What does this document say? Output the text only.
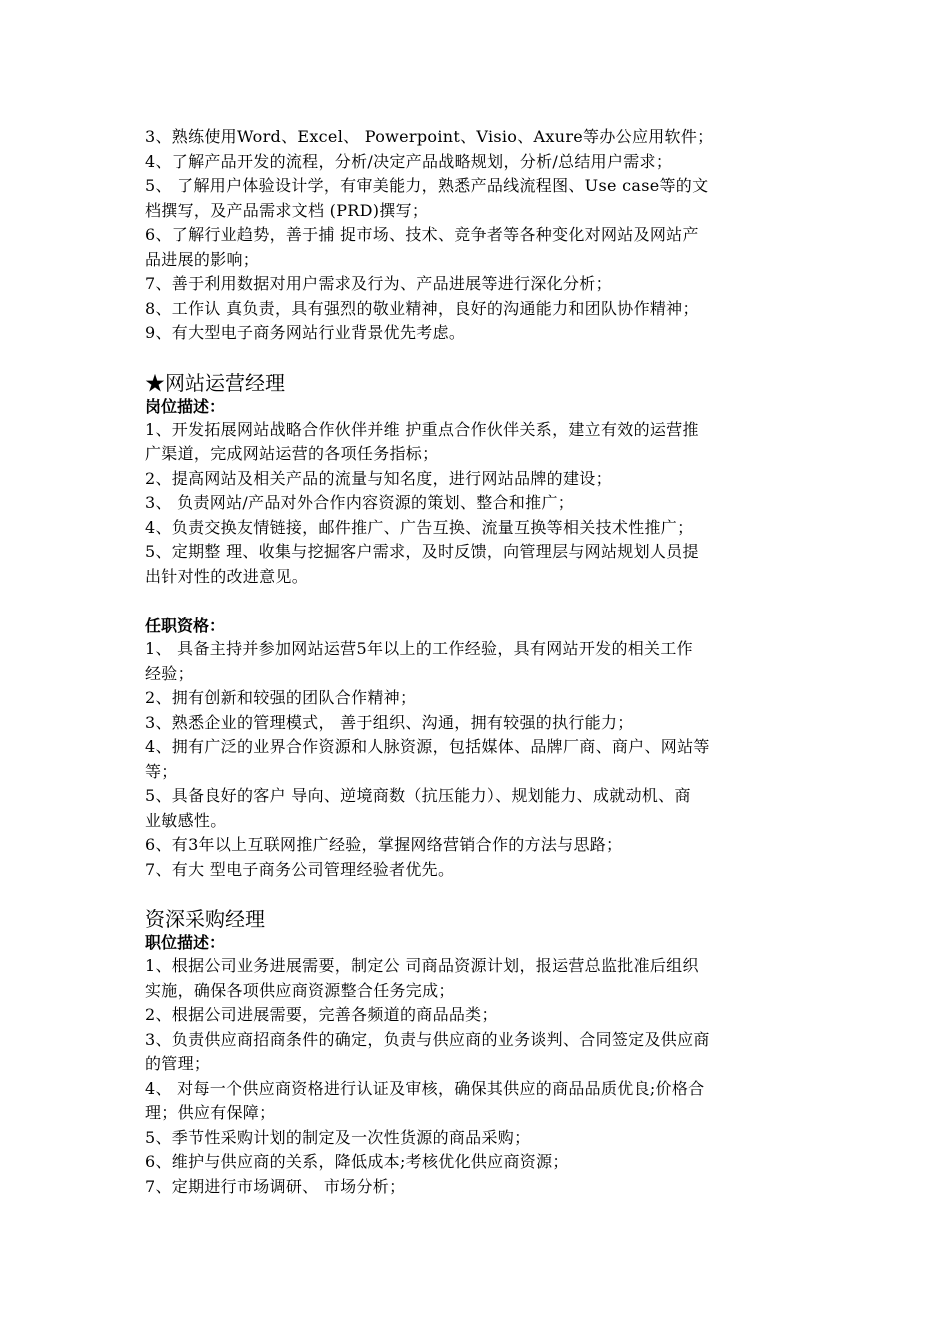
3、熟练使用Word、Excel、 Powerpoint、Visio、Axure等办公应用软件；
4、了解产品开发的流程，分析/决定产品战略规划，分析/总结用户需求；
5、 了解用户体验设计学，有审美能力，熟悉产品线流程图、Use case等的文
档撰写，及产品需求文档 (PRD)撰写；
6、了解行业趋势，善于捕 捉市场、技术、竞争者等各种变化对网站及网站产
品进展的影响；
7、善于利用数据对用户需求及行为、产品进展等进行深化分析；
8、工作认 真负责，具有强烈的敬业精神，良好的沟通能力和团队协作精神；
9、有大型电子商务网站行业背景优先考虑。
★网站运营经理
岗位描述：
1、开发拓展网站战略合作伙伴并维 护重点合作伙伴关系，建立有效的运营推
广渠道，完成网站运营的各项任务指标；
2、提高网站及相关产品的流量与知名度，进行网站品牌的建设；
3、 负责网站/产品对外合作内容资源的策划、整合和推广；
4、负责交换友情链接，邮件推广、广告互换、流量互换等相关技术性推广；
5、定期整 理、收集与挖掘客户需求，及时反馈，向管理层与网站规划人员提
出针对性的改进意见。
任职资格：
1、 具备主持并参加网站运营5年以上的工作经验，具有网站开发的相关工作
经验；
2、拥有创新和较强的团队合作精神；
3、熟悉企业的管理模式， 善于组织、沟通，拥有较强的执行能力；
4、拥有广泛的业界合作资源和人脉资源，包括媒体、品牌厂商、商户、网站等
等；
5、具备良好的客户 导向、逆境商数（抗压能力）、规划能力、成就动机、商
业敏感性。
6、有3年以上互联网推广经验，掌握网络营销合作的方法与思路；
7、有大 型电子商务公司管理经验者优先。
资深采购经理
职位描述：
1、根据公司业务进展需要，制定公 司商品资源计划，报运营总监批准后组织
实施，确保各项供应商资源整合任务完成；
2、根据公司进展需要，完善各频道的商品品类；
3、负责供应商招商条件的确定，负责与供应商的业务谈判、合同签定及供应商
的管理；
4、 对每一个供应商资格进行认证及审核，确保其供应的商品品质优良;价格合
理；供应有保障；
5、季节性采购计划的制定及一次性货源的商品采购；
6、维护与供应商的关系，降低成本;考核优化供应商资源；
7、定期进行市场调研、 市场分析；
